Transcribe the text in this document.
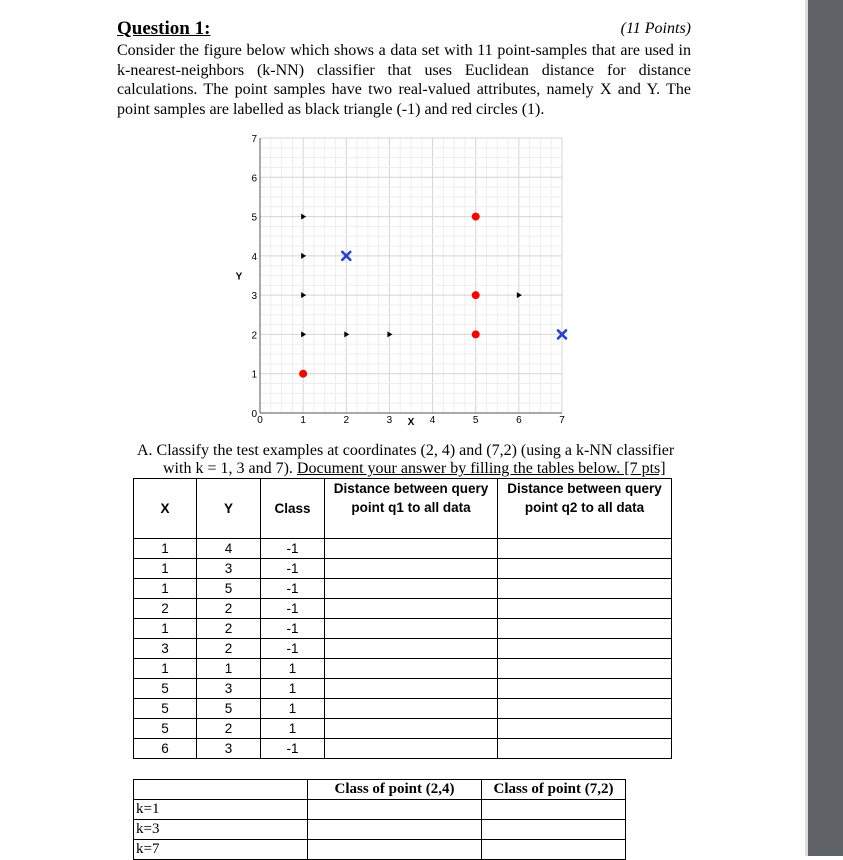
Question 1:	(11 Points)
Consider the figure below which shows a data set with 11 point-samples that are used in k-nearest-neighbors (k-NN) classifier that uses Euclidean distance for distance calculations. The point samples have two real-valued attributes, namely X and Y. The point samples are labelled as black triangle (-1) and red circles (1).
0	1	2	3	4	5	6	7
0
1
2
3
4
5
6
7
X
Y
A. Classify the test examples at coordinates (2, 4) and (7,2) (using a k-NN classifier
with k = 1, 3 and 7). Document your answer by filling the tables below. [7 pts]
X	Y	Class	Distance between query point q1 to all data	Distance between query point q2 to all data
1	4	-1		
1	3	-1		
1	5	-1		
2	2	-1		
1	2	-1		
3	2	-1		
1	1	1		
5	3	1		
5	5	1		
5	2	1		
6	3	-1		
	Class of point (2,4)	Class of point (7,2)
k=1		
k=3		
k=7		
